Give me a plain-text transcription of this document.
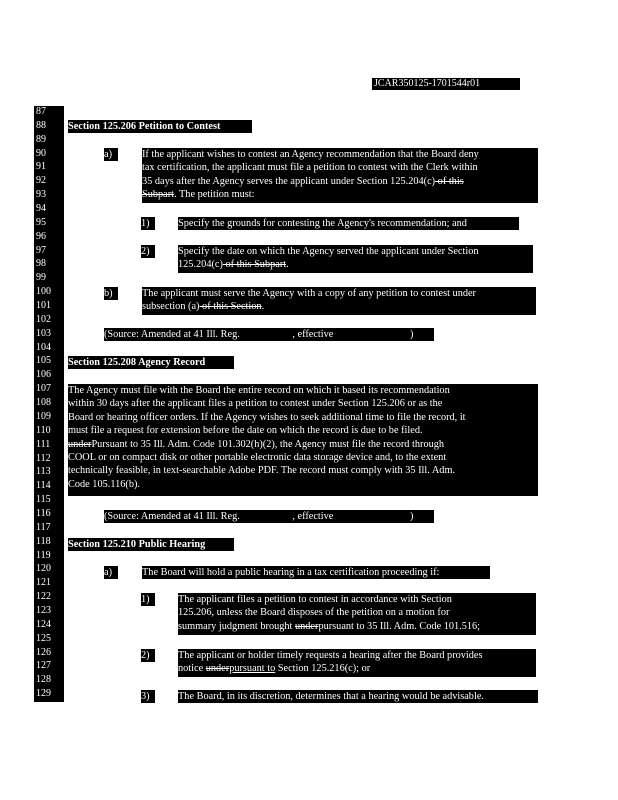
JCAR350125-1701544r01
87
88
89
90
91
92
93
94
95
96
97
98
99
100
101
102
103
104
105
106
107
108
109
110
111
112
113
114
115
116
117
118
119
120
121
122
123
124
125
126
127
128
129
Section 125.206 Petition to Contest
a)	If the applicant wishes to contest an Agency recommendation that the Board deny
tax certification, the applicant must file a petition to contest with the Clerk within
35 days after the Agency serves the applicant under Section 125.204(c) of this
Subpart. The petition must:
1)	Specify the grounds for contesting the Agency's recommendation; and
2)	Specify the date on which the Agency served the applicant under Section
125.204(c) of this Subpart.
b)	The applicant must serve the Agency with a copy of any petition to contest under
subsection (a) of this Section.
(Source: Amended at 41 Ill. Reg.	, effective	)
Section 125.208 Agency Record
The Agency must file with the Board the entire record on which it based its recommendation
within 30 days after the applicant files a petition to contest under Section 125.206 or as the
Board or hearing officer orders. If the Agency wishes to seek additional time to file the record, it
must file a request for extension before the date on which the record is due to be filed.
underPursuant to 35 Ill. Adm. Code 101.302(h)(2), the Agency must file the record through
COOL or on compact disk or other portable electronic data storage device and, to the extent
technically feasible, in text-searchable Adobe PDF. The record must comply with 35 Ill. Adm.
Code 105.116(b).
(Source: Amended at 41 Ill. Reg.	, effective	)
Section 125.210 Public Hearing
a)	The Board will hold a public hearing in a tax certification proceeding if:
1)	The applicant files a petition to contest in accordance with Section
125.206, unless the Board disposes of the petition on a motion for
summary judgment brought underpursuant to 35 Ill. Adm. Code 101.516;
2)	The applicant or holder timely requests a hearing after the Board provides
notice underpursuant to Section 125.216(c); or
3)	The Board, in its discretion, determines that a hearing would be advisable.
